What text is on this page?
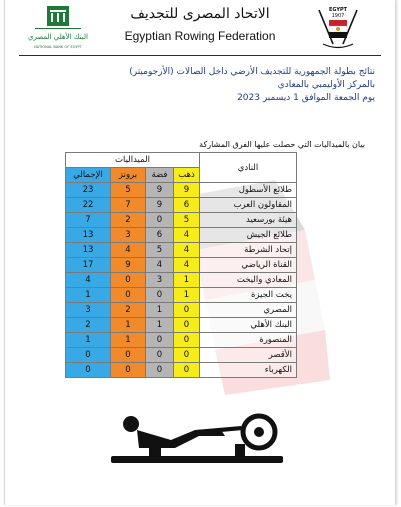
البنك الأهلي المصري
NATIONAL BANK OF EGYPT
الاتحاد المصرى للتجديف
Egyptian Rowing Federation
EGYPT
1907
نتائج بطولة الجمهورية للتجديف الأرضي داخل الصالات (الأرجوميتر)
بالمركز الأوليمبي بالمعادي
يوم الجمعة الموافق 1 ديسمبر 2023
بيان بالميداليات التي حصلت عليها الفرق المشاركة
الميداليات				النادي
الإجمالي	برونز	فضة	ذهب	
23	5	9	9	طلائع الأسطول
22	7	9	6	المقاولون العرب
7	2	0	5	هيئة بورسعيد
13	3	6	4	طلائع الجيش
13	4	5	4	إتحاد الشرطة
17	9	4	4	القناة الرياضي
4	0	3	1	المعادي واليخت
1	0	0	1	يخت الجيزة
3	2	1	0	المصري
2	1	1	0	البنك الأهلي
1	1	0	0	المنصورة
0	0	0	0	الأقصر
0	0	0	0	الكهرباء
